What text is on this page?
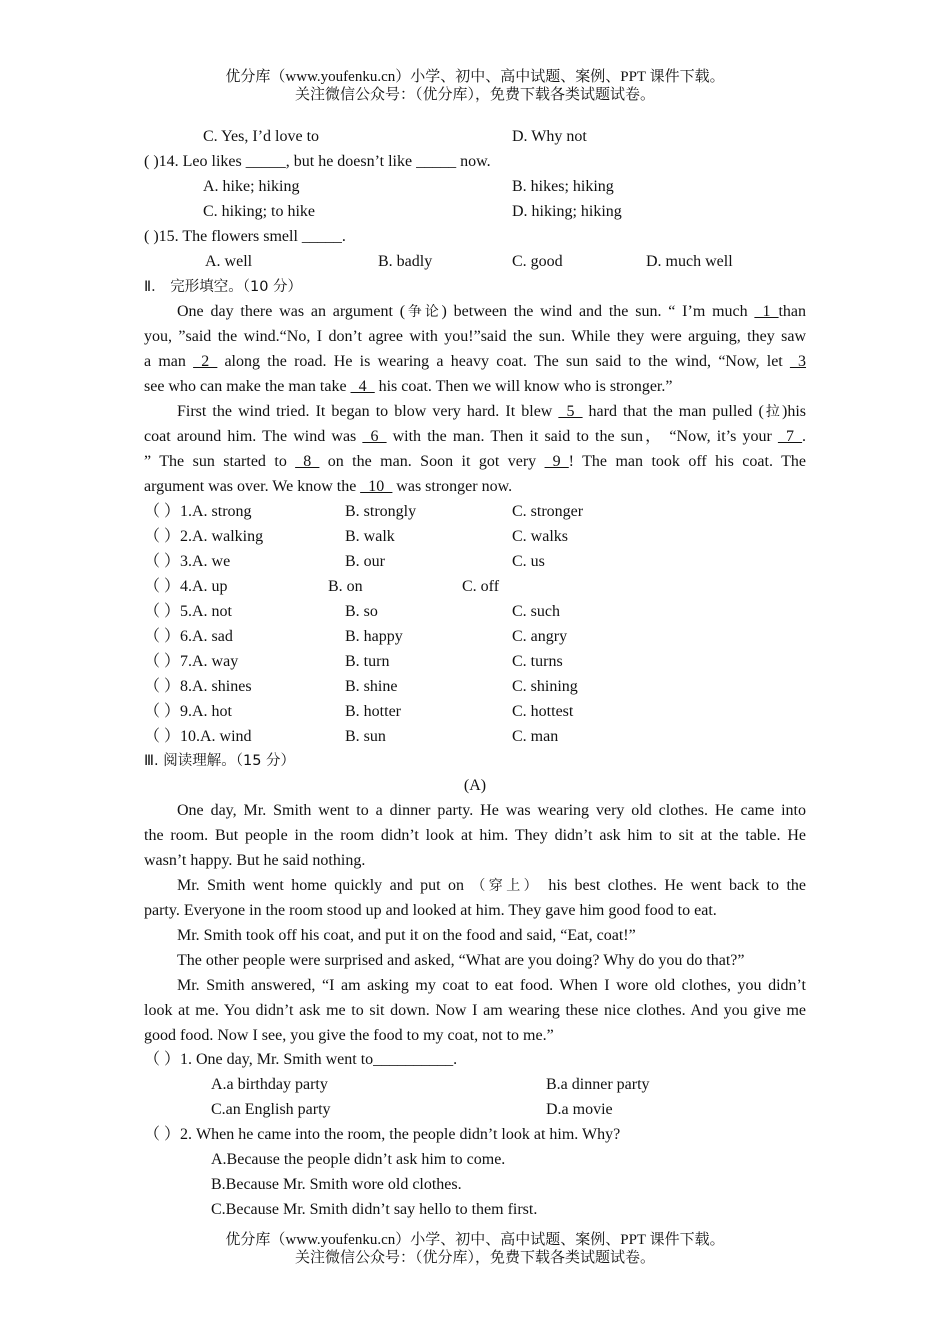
优分库（www.youfenku.cn）小学、初中、高中试题、案例、PPT 课件下载。
关注微信公众号：（优分库），免费下载各类试题试卷。
C. Yes, I’d love to	D. Why not
( )14. Leo likes _____, but he doesn’t like _____ now.
A. hike; hiking	B. hikes; hiking
C. hiking; to hike	D. hiking; hiking
( )15. The flowers smell _____.
A. well	B. badly	C. good	D. much well
Ⅱ． 完形填空。（10 分）
One day there was an argument (争论) between the wind and the sun. “ I’m much _1_than
you, ”said the wind.“No, I don’t agree with you!”said the sun. While they were arguing, they saw
a man _2_ along the road. He is wearing a heavy coat. The sun said to the wind, “Now, let _3
see who can make the man take _4_ his coat. Then we will know who is stronger.”
First the wind tried. It began to blow very hard. It blew _5_ hard that the man pulled (拉)his
coat around him. The wind was _6_ with the man. Then it said to the sun， “Now, it’s your _7_.
” The sun started to _8_ on the man. Soon it got very _9_! The man took off his coat. The
argument was over. We know the _10_ was stronger now.
（ ）1.A. strong	B. strongly	C. stronger
（ ）2.A. walking	B. walk	C. walks
（ ）3.A. we	B. our	C. us
（ ）4.A. up	B. on	C. off
（ ）5.A. not	B. so	C. such
（ ）6.A. sad	B. happy	C. angry
（ ）7.A. way	B. turn	C. turns
（ ）8.A. shines	B. shine	C. shining
（ ）9.A. hot	B. hotter	C. hottest
（ ）10.A. wind	B. sun	C. man
Ⅲ. 阅读理解。（15 分）
(A)
One day, Mr. Smith went to a dinner party. He was wearing very old clothes. He came into
the room. But people in the room didn’t look at him. They didn’t ask him to sit at the table. He
wasn’t happy. But he said nothing.
Mr. Smith went home quickly and put on （穿上） his best clothes. He went back to the
party. Everyone in the room stood up and looked at him. They gave him good food to eat.
Mr. Smith took off his coat, and put it on the food and said, “Eat, coat!”
The other people were surprised and asked, “What are you doing? Why do you do that?”
Mr. Smith answered, “I am asking my coat to eat food. When I wore old clothes, you didn’t
look at me. You didn’t ask me to sit down. Now I am wearing these nice clothes. And you give me
good food. Now I see, you give the food to my coat, not to me.”
（ ）1. One day, Mr. Smith went to__________.
A.a birthday party	B.a dinner party
C.an English party	D.a movie
（ ）2. When he came into the room, the people didn’t look at him. Why?
A.Because the people didn’t ask him to come.
B.Because Mr. Smith wore old clothes.
C.Because Mr. Smith didn’t say hello to them first.
优分库（www.youfenku.cn）小学、初中、高中试题、案例、PPT 课件下载。
关注微信公众号：（优分库），免费下载各类试题试卷。
